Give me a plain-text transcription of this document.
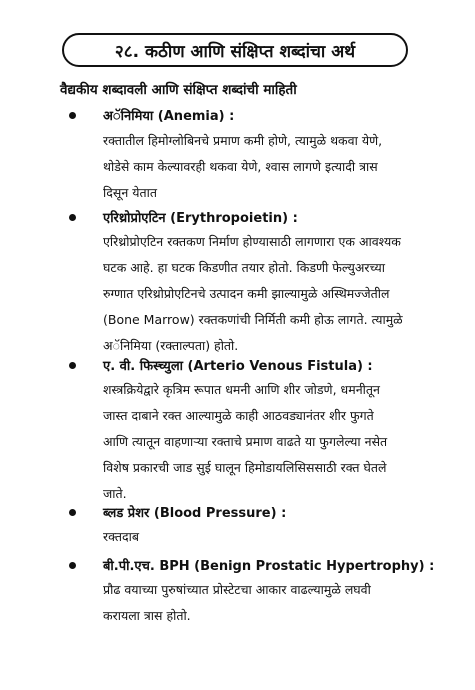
२८. कठीण आणि संक्षिप्त शब्दांचा अर्थ
वैद्यकीय शब्दावली आणि संक्षिप्त शब्दांची माहिती
अॅनिमिया (Anemia) :
रक्तातील हिमोग्लोबिनचे प्रमाण कमी होणे, त्यामुळे थकवा येणे,
थोडेसे काम केल्यावरही थकवा येणे, श्वास लागणे इत्यादी त्रास
दिसून येतात
एरिथ्रोप्रोएटिन (Erythropoietin) :
एरिथ्रोप्रोएटिन रक्तकण निर्माण होण्यासाठी लागणारा एक आवश्यक
घटक आहे. हा घटक किडणीत तयार होतो. किडणी फेल्युअरच्या
रुग्णात एरिथ्रोप्रोएटिनचे उत्पादन कमी झाल्यामुळे अस्थिमज्जेतील
(Bone Marrow) रक्तकणांची निर्मिती कमी होऊ लागते. त्यामुळे
अॅनिमिया (रक्ताल्पता) होतो.
ए. वी. फिस्च्युला (Arterio Venous Fistula) :
शस्त्रक्रियेद्वारे कृत्रिम रूपात धमनी आणि शीर जोडणे, धमनीतून
जास्त दाबाने रक्त आल्यामुळे काही आठवड्यानंतर शीर फुगते
आणि त्यातून वाहणाऱ्या रक्ताचे प्रमाण वाढते या फुगलेल्या नसेत
विशेष प्रकारची जाड सुई घालून हिमोडायलिसिससाठी रक्त घेतले
जाते.
ब्लड प्रेशर (Blood Pressure) :
रक्तदाब
बी.पी.एच. BPH (Benign Prostatic Hypertrophy) :
प्रौढ वयाच्या पुरुषांच्यात प्रोस्टेटचा आकार वाढल्यामुळे लघवी
करायला त्रास होतो.
